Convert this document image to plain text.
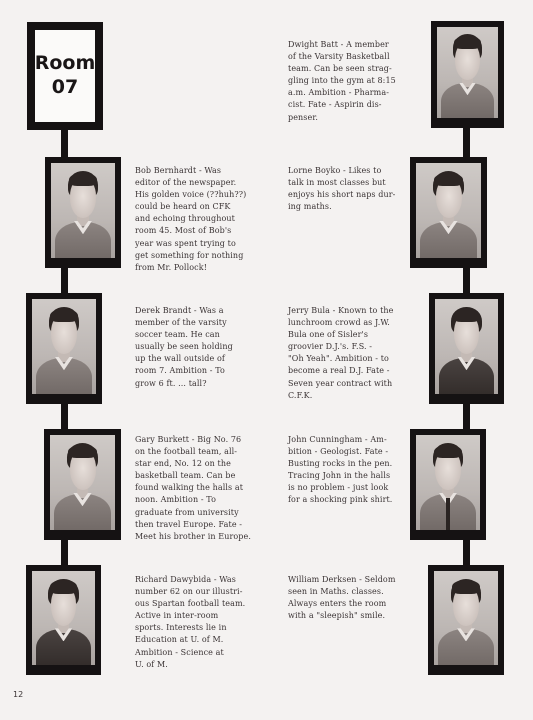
Room
07

Dwight Batt - A member
of the Varsity Basketball
team. Can be seen strag-
gling into the gym at 8:15
a.m. Ambition - Pharma-
cist. Fate - Aspirin dis-
penser.

Lorne Boyko - Likes to
talk in most classes but
enjoys his short naps dur-
ing maths.

Jerry Bula - Known to the
lunchroom crowd as J.W.
Bula one of Sisler's
groovier D.J.'s. F.S. -
"Oh Yeah". Ambition - to
become a real D.J. Fate -
Seven year contract with
C.F.K.

John Cunningham - Am-
bition - Geologist. Fate -
Busting rocks in the pen.
Tracing John in the halls
is no problem - just look
for a shocking pink shirt.

William Derksen - Seldom
seen in Maths. classes.
Always enters the room
with a "sleepish" smile.

Bob Bernhardt - Was
editor of the newspaper.
His golden voice (??huh??)
could be heard on CFK
and echoing throughout
room 45. Most of Bob's
year was spent trying to
get something for nothing
from Mr. Pollock!

Derek Brandt - Was a
member of the varsity
soccer team. He can
usually be seen holding
up the wall outside of
room 7. Ambition - To
grow 6 ft. ... tall?

Gary Burkett - Big No. 76
on the football team, all-
star end, No. 12 on the
basketball team. Can be
found walking the halls at
noon. Ambition - To
graduate from university
then travel Europe. Fate -
Meet his brother in Europe.

Richard Dawybida - Was
number 62 on our illustri-
ous Spartan football team.
Active in inter-room
sports. Interests lie in
Education at U. of M.
Ambition - Science at
U. of M.

12
